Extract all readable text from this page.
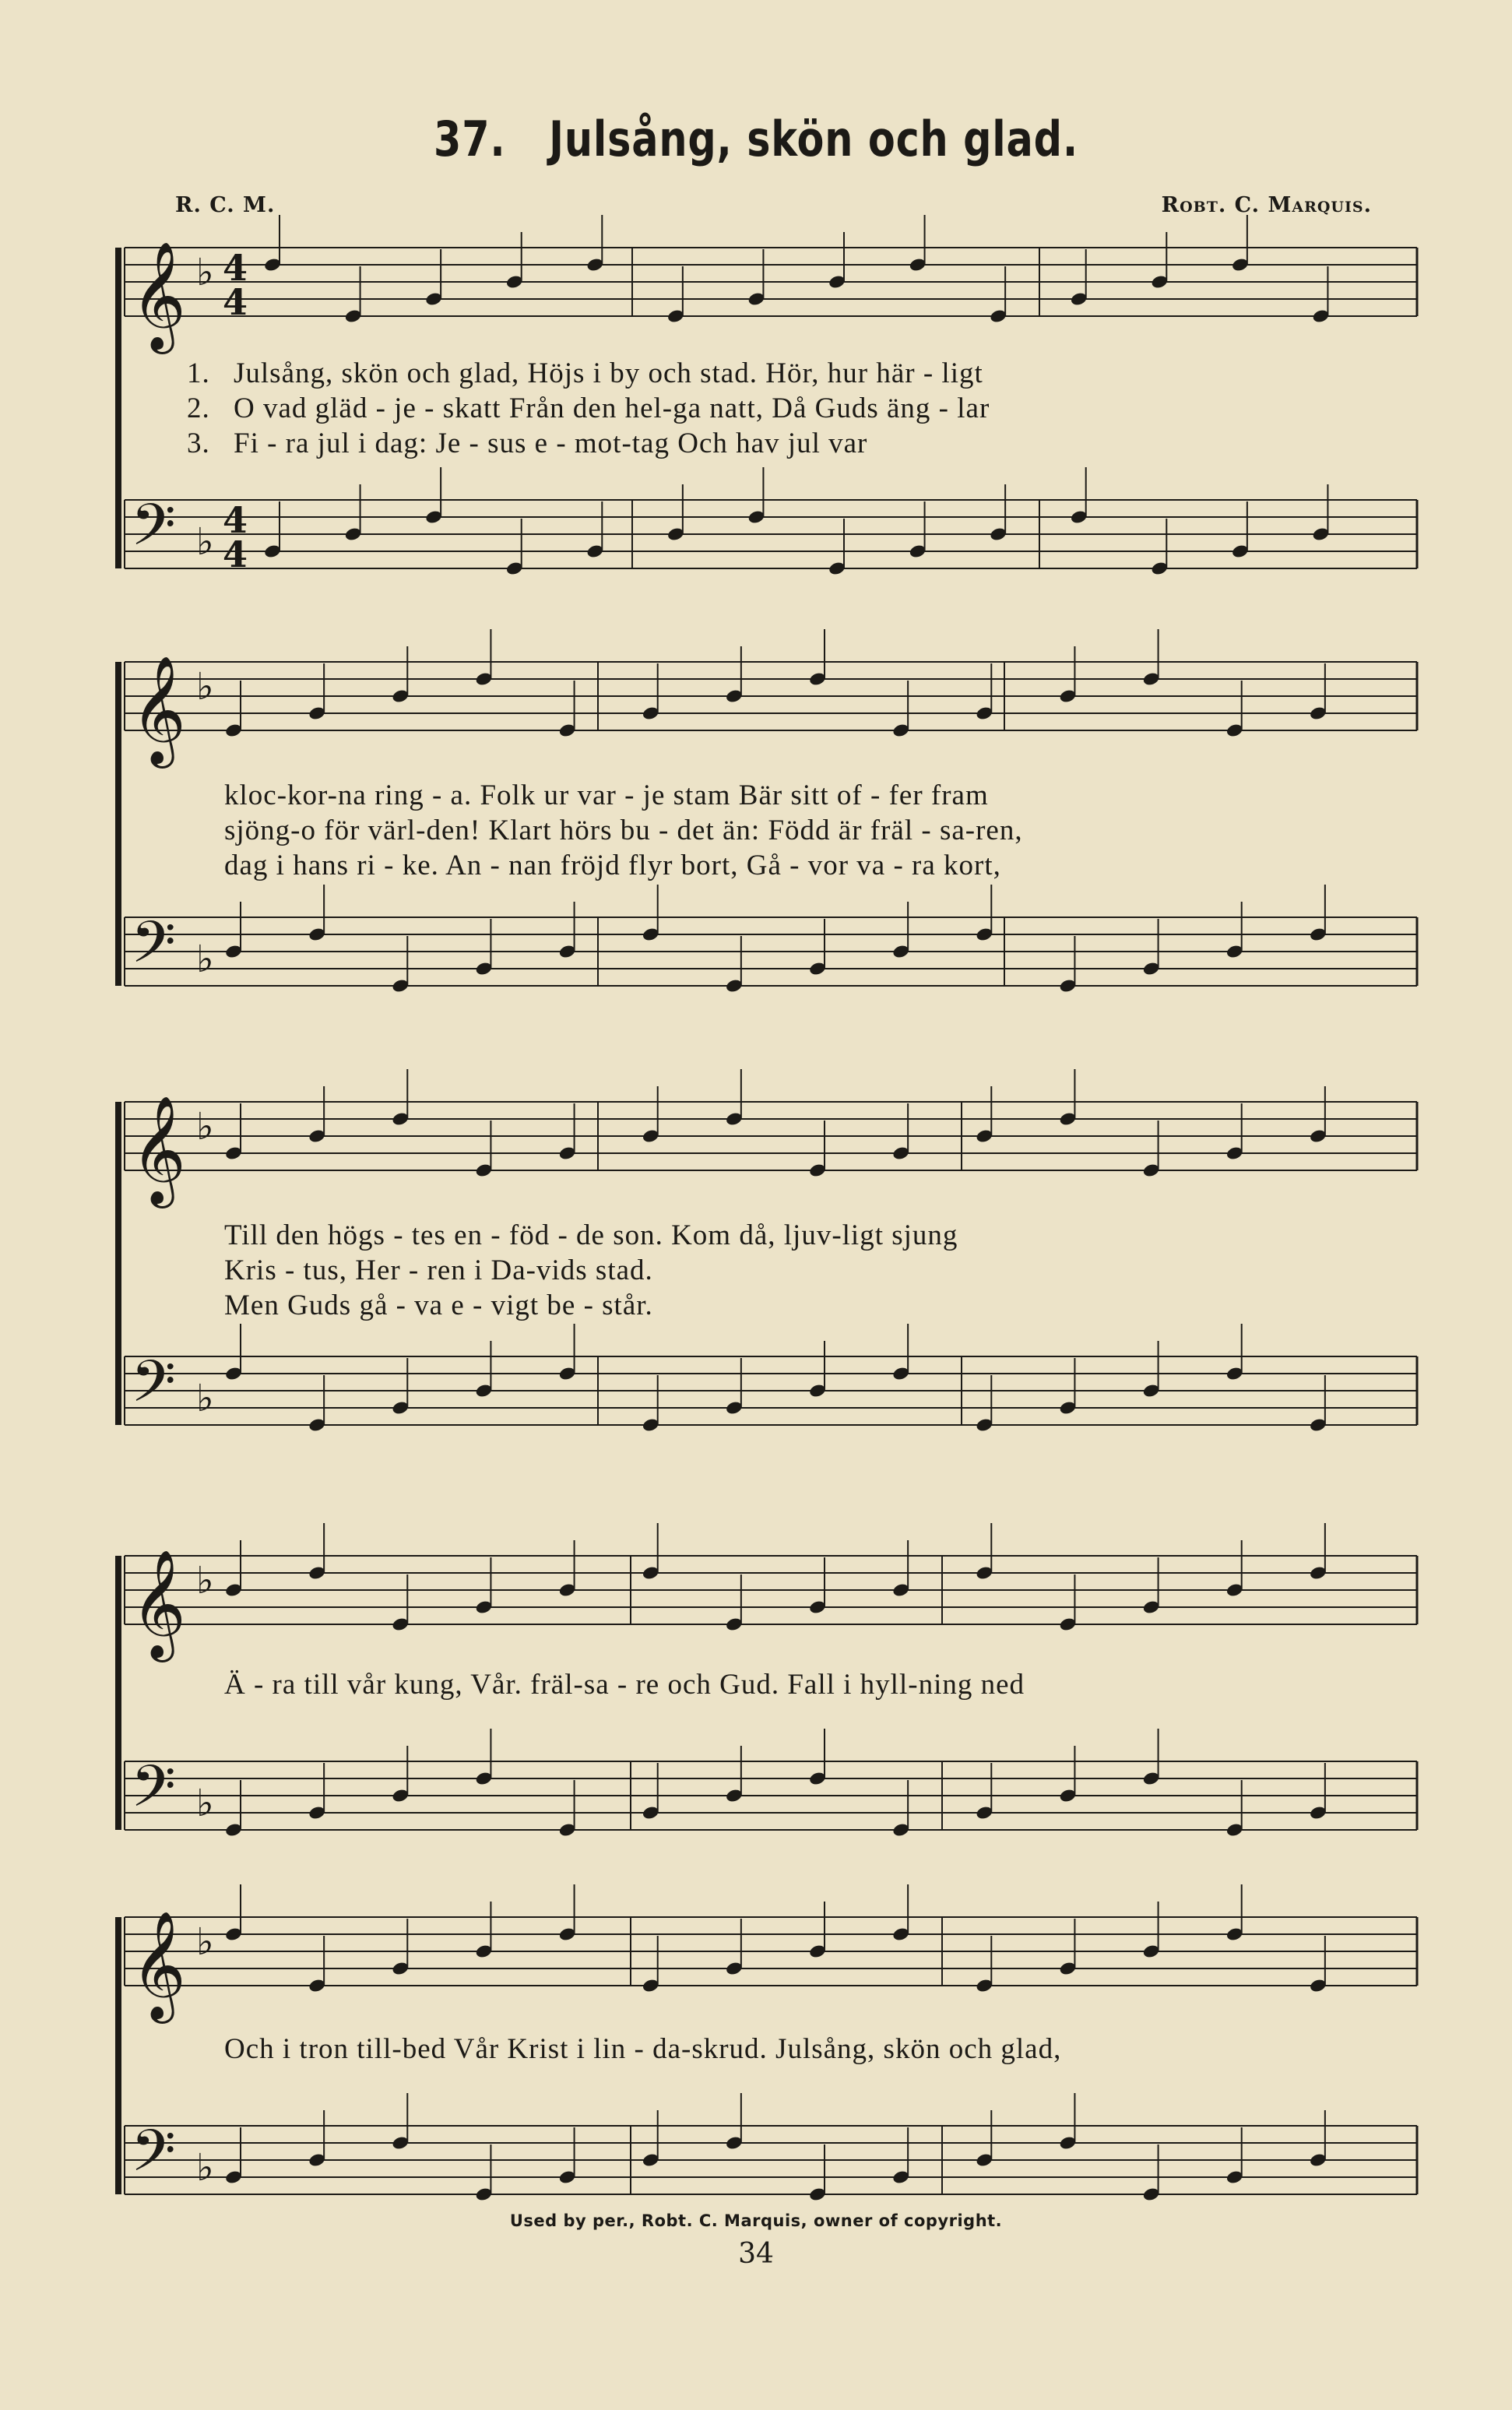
37. Julsång, skön och glad.
R. C. M.	Robt. C. Marquis.
𝄞 ♭ 4
4
𝄢 ♭ 4
4
𝄞 ♭
𝄢 ♭
𝄞 ♭
𝄢 ♭
𝄞 ♭
𝄢 ♭
𝄞 ♭
𝄢 ♭
1. Julsång, skön och glad, Höjs i by och stad. Hör, hur här - ligt
2. O vad gläd - je - skatt Från den hel-ga natt, Då Guds äng - lar
3. Fi - ra jul i dag: Je - sus e - mot-tag Och hav jul var
kloc-kor-na ring - a. Folk ur var - je stam Bär sitt of - fer fram
sjöng-o för värl-den! Klart hörs bu - det än: Född är fräl - sa-ren,
dag i hans ri - ke. An - nan fröjd flyr bort, Gå - vor va - ra kort,
Till den högs - tes en - föd - de son. Kom då, ljuv-ligt sjung
Kris - tus, Her - ren i Da-vids stad.
Men Guds gå - va e - vigt be - står.
Ä - ra till vår kung, Vår. fräl-sa - re och Gud. Fall i hyll-ning ned
Och i tron till-bed Vår Krist i lin - da-skrud. Julsång, skön och glad,
Used by per., Robt. C. Marquis, owner of copyright.
34
